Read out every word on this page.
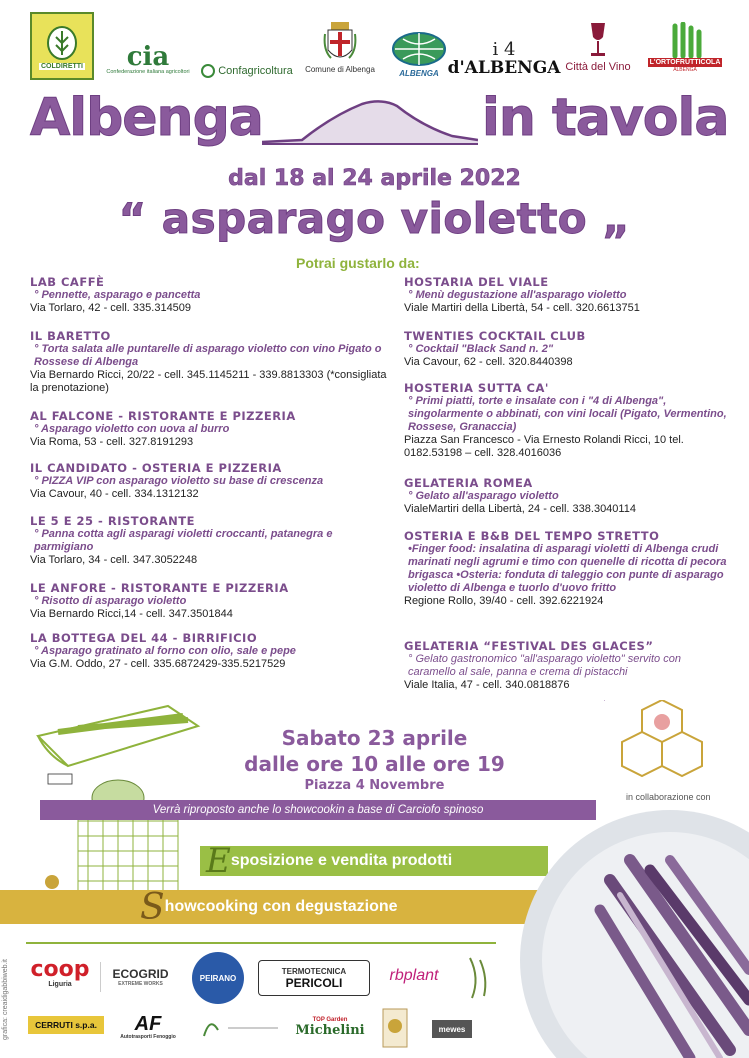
COLDIRETTI cia
Confederazione italiana agricoltori	Confagricoltura Comune di Albenga	ALBENGA
i 4
d'ALBENGA Città del Vino	L'ORTOFRUTTICOLA
ALBENGA
Albenga	in tavola
dal 18 al 24 aprile 2022
“ asparago violetto „
Potrai gustarlo da:
LAB CAFFÈ
° Pennette, asparago e pancetta
Via Torlaro, 42 - cell. 335.314509
IL BARETTO
° Torta salata alle puntarelle di asparago violetto con vino Pigato o Rossese di Albenga
Via Bernardo Ricci, 20/22 - cell. 345.1145211 - 339.8813303 (*consigliata la prenotazione)
AL FALCONE - RISTORANTE E PIZZERIA
° Asparago violetto con uova al burro
Via Roma, 53 - cell. 327.8191293
IL CANDIDATO - OSTERIA E PIZZERIA
° PIZZA VIP con asparago violetto su base di crescenza
Via Cavour, 40 - cell. 334.1312132
LE 5 E 25 - RISTORANTE
° Panna cotta agli asparagi violetti croccanti, patanegra e parmigiano
Via Torlaro, 34 - cell. 347.3052248
LE ANFORE - RISTORANTE E PIZZERIA
° Risotto di asparago violetto
Via Bernardo Ricci,14 - cell. 347.3501844
LA BOTTEGA DEL 44 - BIRRIFICIO
° Asparago gratinato al forno con olio, sale e pepe
Via G.M. Oddo, 27 - cell. 335.6872429-335.5217529
HOSTARIA DEL VIALE
° Menù degustazione all'asparago violetto
Viale Martiri della Libertà, 54 - cell. 320.6613751
TWENTIES COCKTAIL CLUB
° Cocktail "Black Sand n. 2"
Via Cavour, 62 - cell. 320.8440398
HOSTERIA SUTTA CA'
° Primi piatti, torte e insalate con i "4 di Albenga", singolarmente o abbinati, con vini locali (Pigato, Vermentino, Rossese, Granaccia)
Piazza San Francesco - Via Ernesto Rolandi Ricci, 10 tel. 0182.53198 – cell. 328.4016036
GELATERIA ROMEA
° Gelato all'asparago violetto
VialeMartiri della Libertà, 24 - cell. 338.3040114
OSTERIA E B&B DEL TEMPO STRETTO
•Finger food: insalatina di asparagi violetti di Albenga crudi marinati negli agrumi e timo con quenelle di ricotta di pecora brigasca •Osteria: fonduta di taleggio con punte di asparago violetto di Albenga e tuorlo d'uovo fritto
Regione Rollo, 39/40 - cell. 392.6221924
GELATERIA “FESTIVAL DES GLACES”
° Gelato gastronomico "all'asparago violetto" servito con caramello al sale, panna e crema di pistacchi
Viale Italia, 47 - cell. 340.0818876
Sabato 23 aprile
dalle ore 10 alle ore 19
Piazza 4 Novembre
in collaborazione con
Verrà riproposto anche lo showcookin a base di Carciofo spinoso
E sposizione e vendita prodotti
S howcooking con degustazione
coop
Liguria
ECOGRID
EXTREME WORKS
PEIRANO
TERMOTECNICA
PERICOLI	rbplant
CERRUTI s.p.a. AF
Autotrasporti Fenoggio
TOP Garden
Michelini	mewes
grafica: creaidigabbiweb.it
